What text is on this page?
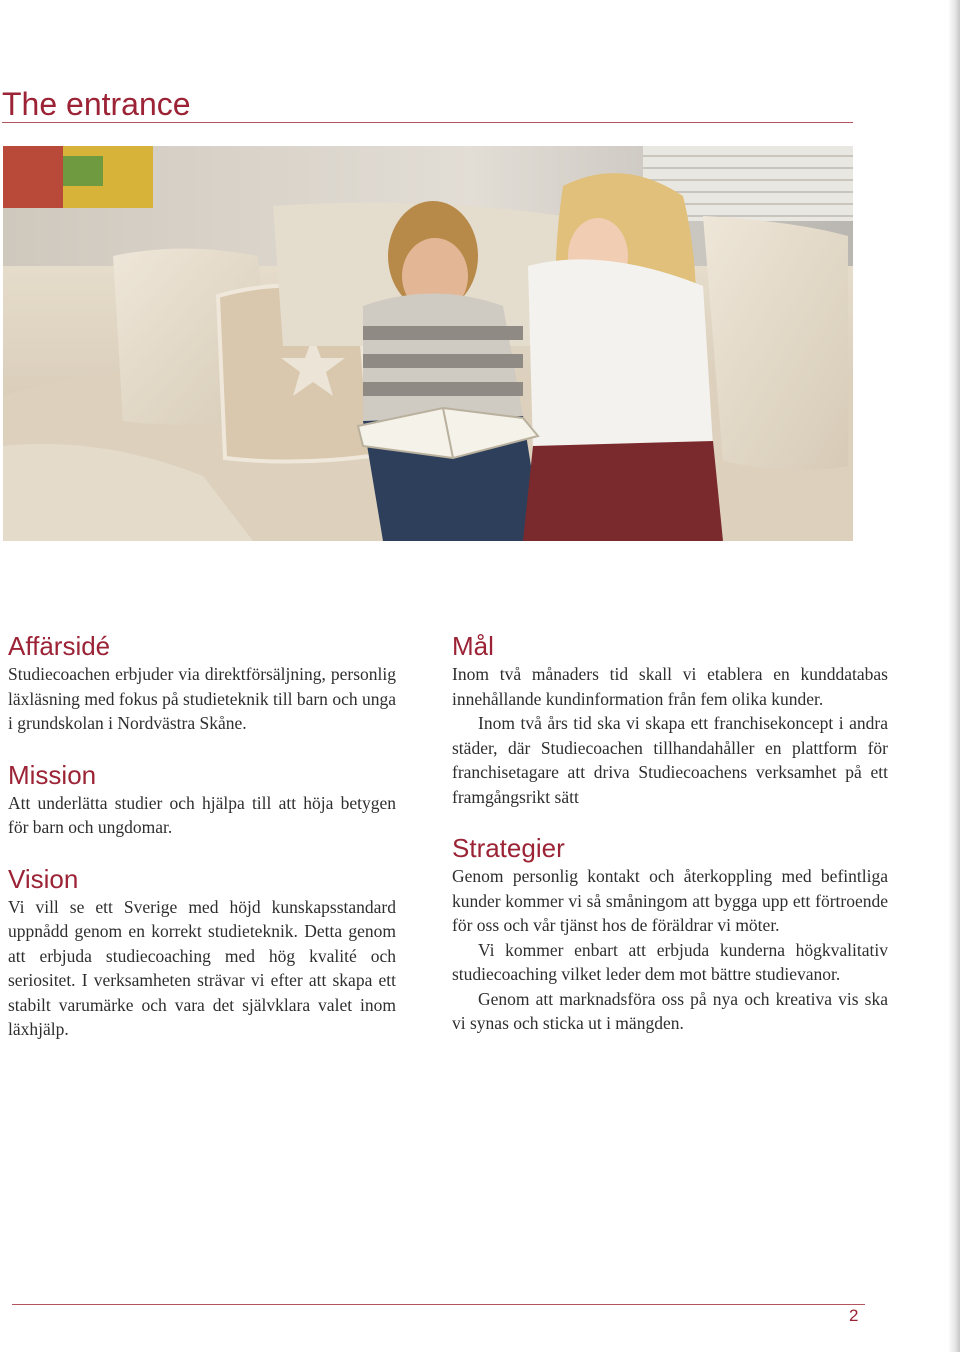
The entrance
Affärsidé

Studiecoachen erbjuder via direktförsäljning, personlig läxläsning med fokus på studieteknik till barn och unga i grundskolan i Nordvästra Skåne.

Mission

Att underlätta studier och hjälpa till att höja betygen för barn och ungdomar.

Vision

Vi vill se ett Sverige med höjd kunskapsstandard uppnådd genom en korrekt studieteknik. Detta genom att erbjuda studiecoaching med hög kvalité och seriositet. I verksamheten strävar vi efter att skapa ett stabilt varumärke och vara det självklara valet inom läxhjälp.

Mål

Inom två månaders tid skall vi etablera en kunddatabas innehållande kundinformation från fem olika kunder.

Inom två års tid ska vi skapa ett franchisekoncept i andra städer, där Studiecoachen tillhandahåller en plattform för franchisetagare att driva Studiecoachens verksamhet på ett framgångsrikt sätt

Strategier

Genom personlig kontakt och återkoppling med befintliga kunder kommer vi så småningom att bygga upp ett förtroende för oss och vår tjänst hos de föräldrar vi möter.

Vi kommer enbart att erbjuda kunderna högkvalitativ studiecoaching vilket leder dem mot bättre studievanor.

Genom att marknadsföra oss på nya och kreativa vis ska vi synas och sticka ut i mängden.

2
